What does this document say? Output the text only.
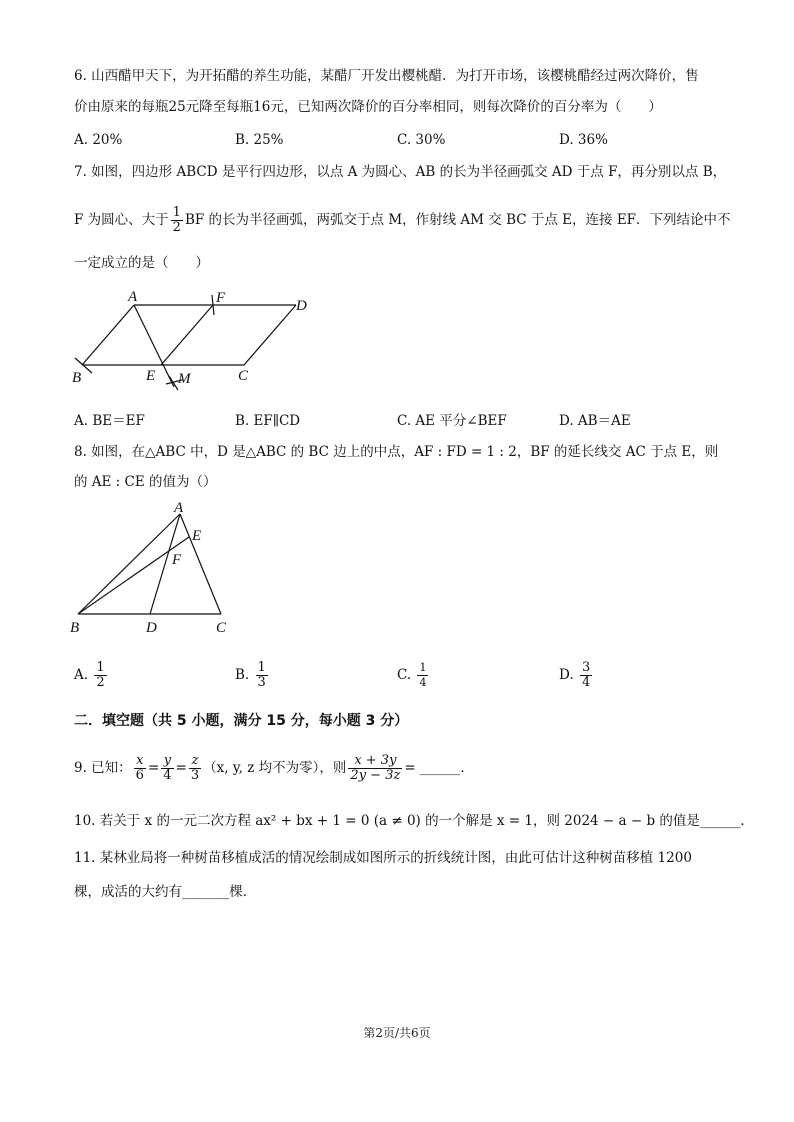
6. 山西醋甲天下，为开拓醋的养生功能，某醋厂开发出樱桃醋．为打开市场，该樱桃醋经过两次降价，售
价由原来的每瓶25元降至每瓶16元，已知两次降价的百分率相同，则每次降价的百分率为（　　）
A. 20%	B. 25%	C. 30%	D. 36%
7. 如图，四边形 ABCD 是平行四边形，以点 A 为圆心、AB 的长为半径画弧交 AD 于点 F，再分别以点 B，
F 为圆心、大于 $\frac{1}{2}$ BF 的长为半径画弧，两弧交于点 M，作射线 AM 交 BC 于点 E，连接 EF．下列结论中不
一定成立的是（　　）
A	F	D
B	E M	C
A. BE＝EF	B. EF∥CD	C. AE 平分∠BEF	D. AB＝AE
8. 如图，在△ABC 中，D 是△ABC 的 BC 边上的中点，AF : FD = 1 : 2，BF 的延长线交 AC 于点 E，则
的 AE : CE 的值为（）
A
E
F
B	D	C
A. $\frac{1}{2}$	B. $\frac{1}{3}$	C. $\frac{1}{4}$	D. $\frac{3}{4}$
二．填空题（共 5 小题，满分 15 分，每小题 3 分）
9. 已知： $\frac{x}{6} = \frac{y}{4} = \frac{z}{3} (x$, y, z 均不为零），则 $\frac{x + 3y}{2y - 3z}$ = ______．
10. 若关于 x 的一元二次方程 ax² + bx + 1 = 0 (a ≠ 0) 的一个解是 x = 1，则 2024 − a − b 的值是______．
11. 某林业局将一种树苗移植成活的情况绘制成如图所示的折线统计图，由此可估计这种树苗移植 1200
棵，成活的大约有_______棵．
第2页/共6页
